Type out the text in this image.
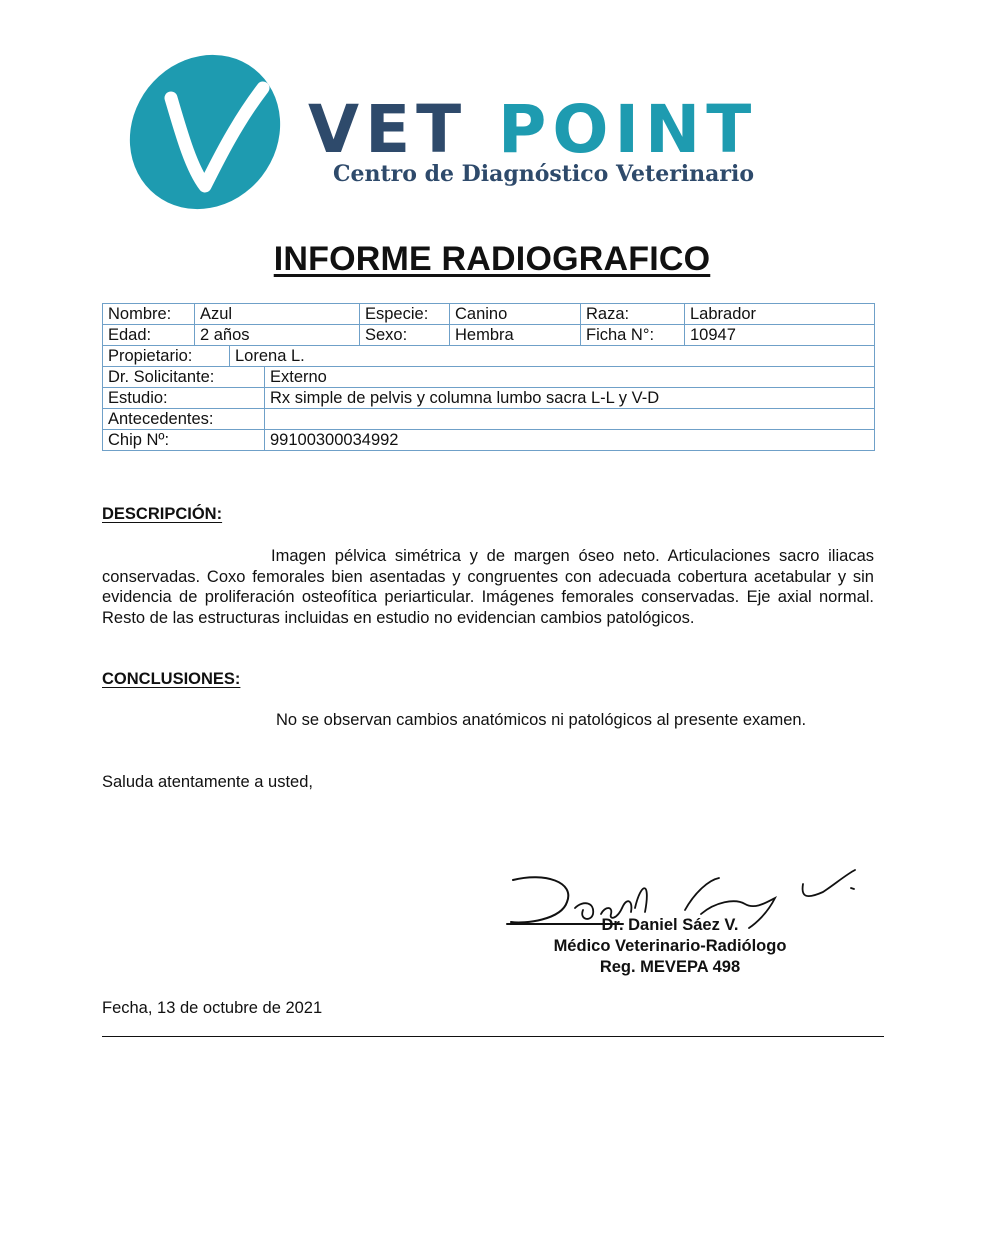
VET POINT
Centro de Diagnóstico Veterinario
INFORME RADIOGRAFICO
Nombre:	Azul			Especie:	Canino	Raza:	Labrador
Edad:	2 años			Sexo:	Hembra	Ficha N°:	10947
Propietario:		Lorena L.					
Dr. Solicitante:			Externo				
Estudio:			Rx simple de pelvis y columna lumbo sacra L-L y V-D				
Antecedentes:							
Chip Nº:			99100300034992				
DESCRIPCIÓN:
Imagen pélvica simétrica y de margen óseo neto. Articulaciones sacro iliacas conservadas. Coxo femorales bien asentadas y congruentes con adecuada cobertura acetabular y sin evidencia de proliferación osteofítica periarticular. Imágenes femorales conservadas. Eje axial normal. Resto de las estructuras incluidas en estudio no evidencian cambios patológicos.
CONCLUSIONES:
No se observan cambios anatómicos ni patológicos al presente examen.
Saluda atentamente a usted,
Dr. Daniel Sáez V.
Médico Veterinario-Radiólogo
Reg. MEVEPA 498
Fecha, 13 de octubre de 2021
